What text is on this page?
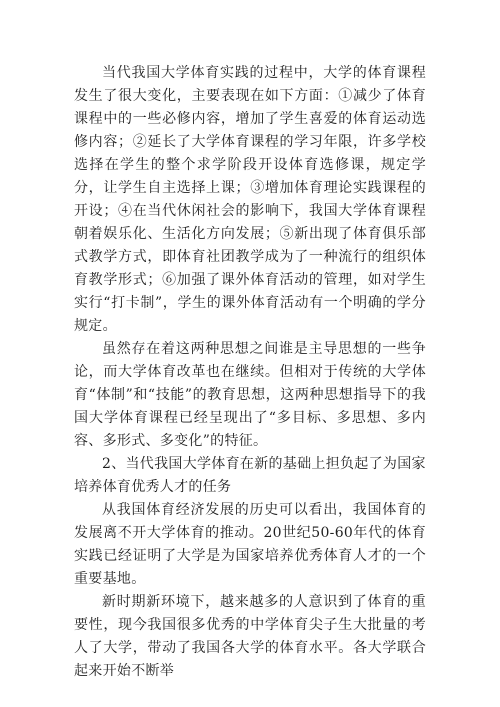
当代我国大学体育实践的过程中，大学的体育课程发生了很大变化，主要表现在如下方面：①减少了体育课程中的一些必修内容，增加了学生喜爱的体育运动选修内容；②延长了大学体育课程的学习年限，许多学校选择在学生的整个求学阶段开设体育选修课，规定学分，让学生自主选择上课；③增加体育理论实践课程的开设；④在当代休闲社会的影响下，我国大学体育课程朝着娱乐化、生活化方向发展；⑤新出现了体育俱乐部式教学方式，即体育社团教学成为了一种流行的组织体育教学形式；⑥加强了课外体育活动的管理，如对学生实行“打卡制”，学生的课外体育活动有一个明确的学分规定。

虽然存在着这两种思想之间谁是主导思想的一些争论，而大学体育改革也在继续。但相对于传统的大学体育“体制”和“技能”的教育思想，这两种思想指导下的我国大学体育课程已经呈现出了“多目标、多思想、多内容、多形式、多变化”的特征。

2、当代我国大学体育在新的基础上担负起了为国家培养体育优秀人才的任务

从我国体育经济发展的历史可以看出，我国体育的发展离不开大学体育的推动。20世纪50-60年代的体育实践已经证明了大学是为国家培养优秀体育人才的一个重要基地。

新时期新环境下，越来越多的人意识到了体育的重要性，现今我国很多优秀的中学体育尖子生大批量的考人了大学，带动了我国各大学的体育水平。各大学联合起来开始不断举
